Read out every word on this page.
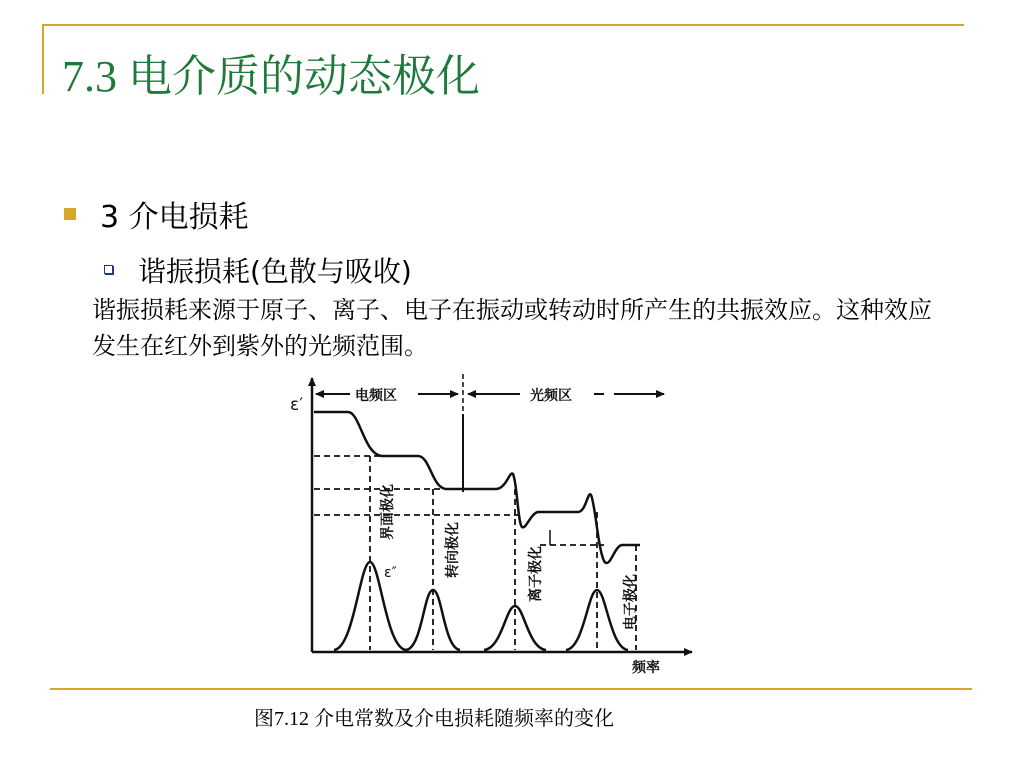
7.3 电介质的动态极化
3 介电损耗
谐振损耗(色散与吸收)
谐振损耗来源于原子、离子、电子在振动或转动时所产生的共振效应。这种效应发生在红外到紫外的光频范围。
ε′
ε″
频率
电频区	光频区
界面极化
转向极化	离子极化	电子极化
图7.12 介电常数及介电损耗随频率的变化
